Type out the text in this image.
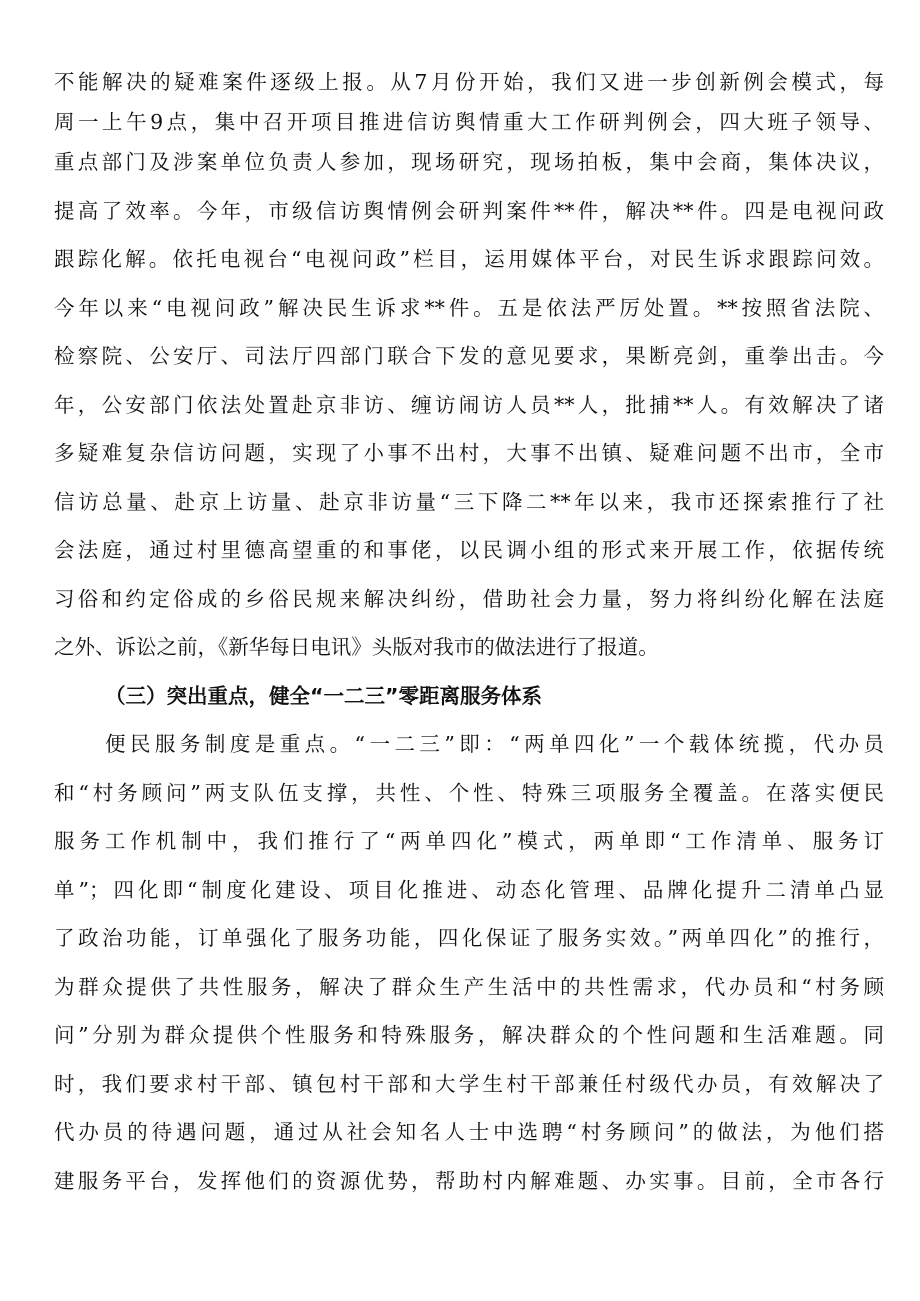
不能解决的疑难案件逐级上报。从7月份开始，我们又进一步创新例会模式，每
周一上午9点，集中召开项目推进信访舆情重大工作研判例会，四大班子领导、
重点部门及涉案单位负责人参加，现场研究，现场拍板，集中会商，集体决议，
提高了效率。今年，市级信访舆情例会研判案件**件，解决**件。四是电视问政
跟踪化解。依托电视台“电视问政”栏目，运用媒体平台，对民生诉求跟踪问效。
今年以来“电视问政”解决民生诉求**件。五是依法严厉处置。**按照省法院、
检察院、公安厅、司法厅四部门联合下发的意见要求，果断亮剑，重拳出击。今
年，公安部门依法处置赴京非访、缠访闹访人员**人，批捕**人。有效解决了诸
多疑难复杂信访问题，实现了小事不出村，大事不出镇、疑难问题不出市，全市
信访总量、赴京上访量、赴京非访量“三下降二**年以来，我市还探索推行了社
会法庭，通过村里德高望重的和事佬，以民调小组的形式来开展工作，依据传统
习俗和约定俗成的乡俗民规来解决纠纷，借助社会力量，努力将纠纷化解在法庭
之外、诉讼之前，《新华每日电讯》头版对我市的做法进行了报道。
（三）突出重点，健全“一二三”零距离服务体系
便民服务制度是重点。“一二三”即：“两单四化”一个载体统揽，代办员
和“村务顾问”两支队伍支撑，共性、个性、特殊三项服务全覆盖。在落实便民
服务工作机制中，我们推行了“两单四化”模式，两单即“工作清单、服务订
单”；四化即“制度化建设、项目化推进、动态化管理、品牌化提升二清单凸显
了政治功能，订单强化了服务功能，四化保证了服务实效。”两单四化”的推行，
为群众提供了共性服务，解决了群众生产生活中的共性需求，代办员和“村务顾
问”分别为群众提供个性服务和特殊服务，解决群众的个性问题和生活难题。同
时，我们要求村干部、镇包村干部和大学生村干部兼任村级代办员，有效解决了
代办员的待遇问题，通过从社会知名人士中选聘“村务顾问”的做法，为他们搭
建服务平台，发挥他们的资源优势，帮助村内解难题、办实事。目前，全市各行
